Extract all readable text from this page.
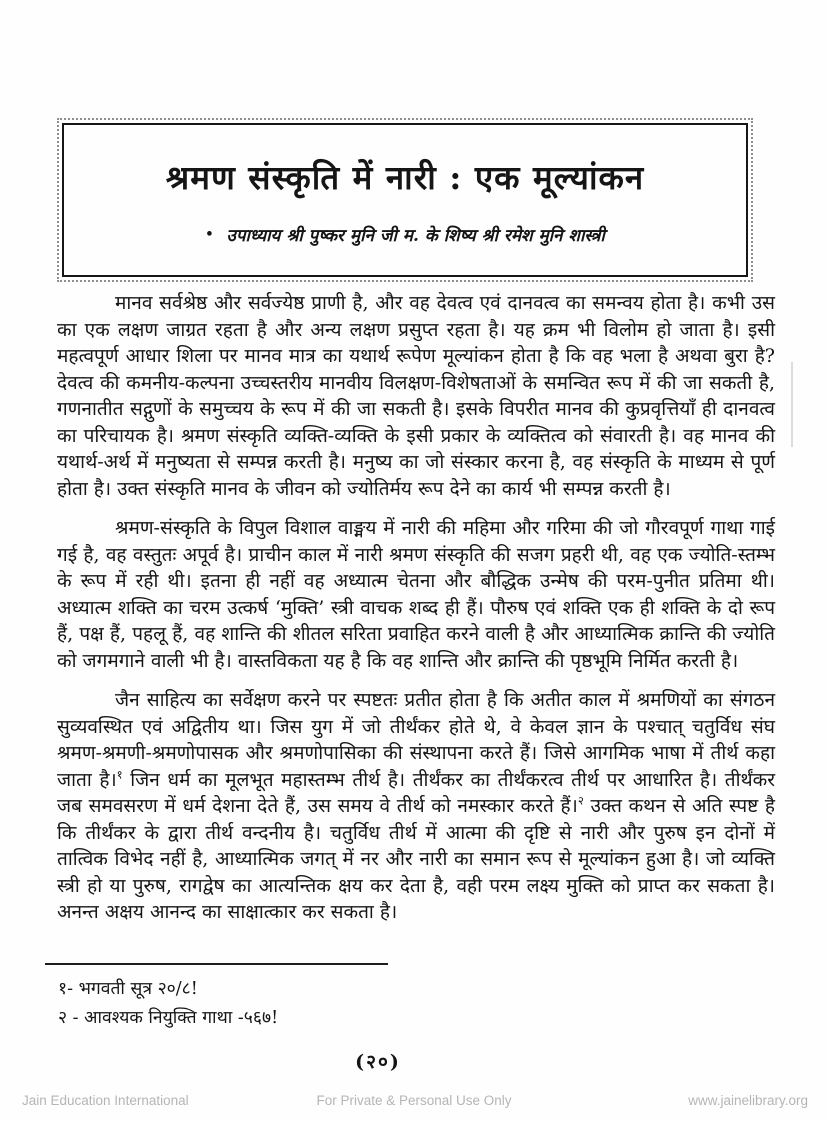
श्रमण संस्कृति में नारी : एक मूल्यांकन
• उपाध्याय श्री पुष्कर मुनि जी म. के शिष्य श्री रमेश मुनि शास्त्री

मानव सर्वश्रेष्ठ और सर्वज्येष्ठ प्राणी है, और वह देवत्व एवं दानवत्व का समन्वय होता है। कभी उस का एक लक्षण जाग्रत रहता है और अन्य लक्षण प्रसुप्त रहता है। यह क्रम भी विलोम हो जाता है। इसी महत्वपूर्ण आधार शिला पर मानव मात्र का यथार्थ रूपेण मूल्यांकन होता है कि वह भला है अथवा बुरा है? देवत्व की कमनीय-कल्पना उच्चस्तरीय मानवीय विलक्षण-विशेषताओं के समन्वित रूप में की जा सकती है, गणनातीत सद्गुणों के समुच्चय के रूप में की जा सकती है। इसके विपरीत मानव की कुप्रवृत्तियाँ ही दानवत्व का परिचायक है। श्रमण संस्कृति व्यक्ति-व्यक्ति के इसी प्रकार के व्यक्तित्व को संवारती है। वह मानव की यथार्थ-अर्थ में मनुष्यता से सम्पन्न करती है। मनुष्य का जो संस्कार करना है, वह संस्कृति के माध्यम से पूर्ण होता है। उक्त संस्कृति मानव के जीवन को ज्योतिर्मय रूप देने का कार्य भी सम्पन्न करती है।

श्रमण-संस्कृति के विपुल विशाल वाङ्मय में नारी की महिमा और गरिमा की जो गौरवपूर्ण गाथा गाई गई है, वह वस्तुतः अपूर्व है। प्राचीन काल में नारी श्रमण संस्कृति की सजग प्रहरी थी, वह एक ज्योति-स्तम्भ के रूप में रही थी। इतना ही नहीं वह अध्यात्म चेतना और बौद्धिक उन्मेष की परम-पुनीत प्रतिमा थी। अध्यात्म शक्ति का चरम उत्कर्ष ‘मुक्ति’ स्त्री वाचक शब्द ही हैं। पौरुष एवं शक्ति एक ही शक्ति के दो रूप हैं, पक्ष हैं, पहलू हैं, वह शान्ति की शीतल सरिता प्रवाहित करने वाली है और आध्यात्मिक क्रान्ति की ज्योति को जगमगाने वाली भी है। वास्तविकता यह है कि वह शान्ति और क्रान्ति की पृष्ठभूमि निर्मित करती है।

जैन साहित्य का सर्वेक्षण करने पर स्पष्टतः प्रतीत होता है कि अतीत काल में श्रमणियों का संगठन सुव्यवस्थित एवं अद्वितीय था। जिस युग में जो तीर्थंकर होते थे, वे केवल ज्ञान के पश्चात् चतुर्विध संघ श्रमण-श्रमणी-श्रमणोपासक और श्रमणोपासिका की संस्थापना करते हैं। जिसे आगमिक भाषा में तीर्थ कहा जाता है।$^१$ जिन धर्म का मूलभूत महास्तम्भ तीर्थ है। तीर्थंकर का तीर्थंकरत्व तीर्थ पर आधारित है। तीर्थंकर जब समवसरण में धर्म देशना देते हैं, उस समय वे तीर्थ को नमस्कार करते हैं।$^२$ उक्त कथन से अति स्पष्ट है कि तीर्थंकर के द्वारा तीर्थ वन्दनीय है। चतुर्विध तीर्थ में आत्मा की दृष्टि से नारी और पुरुष इन दोनों में तात्विक विभेद नहीं है, आध्यात्मिक जगत् में नर और नारी का समान रूप से मूल्यांकन हुआ है। जो व्यक्ति स्त्री हो या पुरुष, रागद्वेष का आत्यन्तिक क्षय कर देता है, वही परम लक्ष्य मुक्ति को प्राप्त कर सकता है। अनन्त अक्षय आनन्द का साक्षात्कार कर सकता है।

१- भगवती सूत्र २०/८!
२ - आवश्यक नियुक्ति गाथा -५६७!
(२०)
Jain Education International	For Private & Personal Use Only	www.jainelibrary.org
